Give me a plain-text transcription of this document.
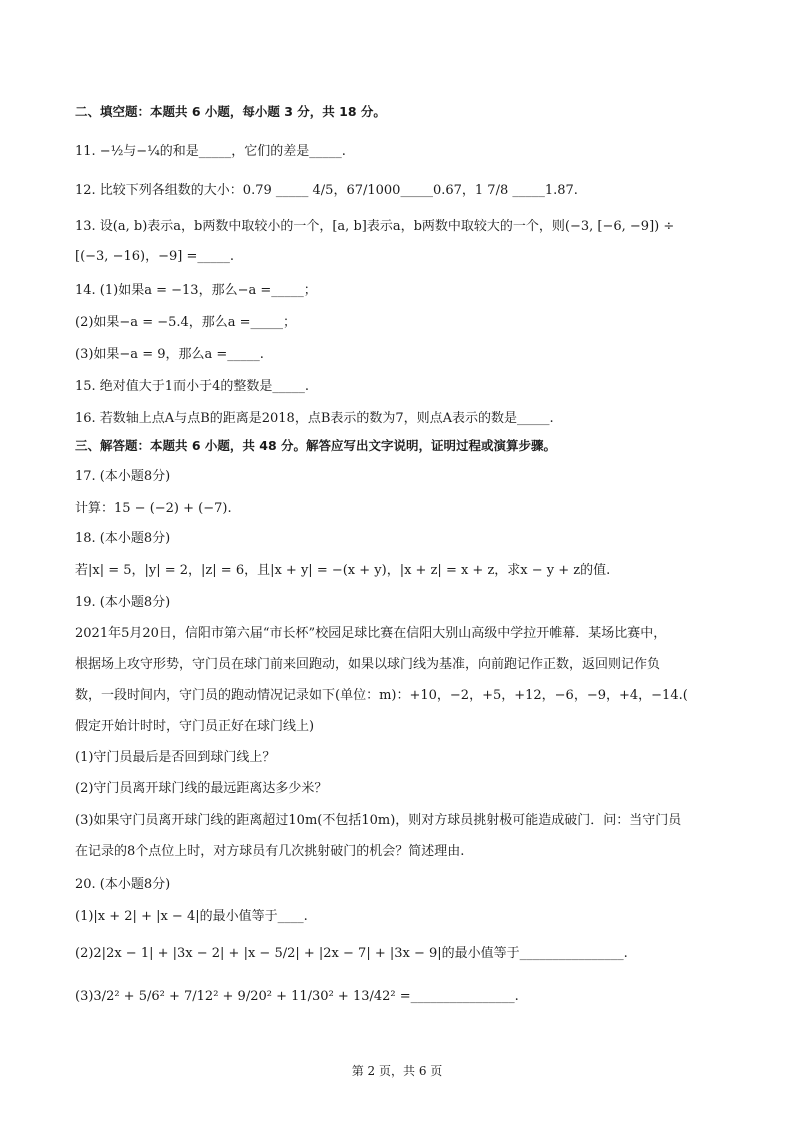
二、填空题：本题共 6 小题，每小题 3 分，共 18 分。
11. −½与−¼的和是_____，它们的差是_____.
12. 比较下列各组数的大小：0.79 _____ 4/5，67/1000_____0.67，1 7/8 _____1.87.
13. 设(a, b)表示a，b两数中取较小的一个，[a, b]表示a，b两数中取较大的一个，则(−3, [−6, −9]) ÷
[(−3, −16)，−9] =_____.
14. (1)如果a = −13，那么−a =_____；
(2)如果−a = −5.4，那么a =_____；
(3)如果−a = 9，那么a =_____.
15. 绝对值大于1而小于4的整数是_____.
16. 若数轴上点A与点B的距离是2018，点B表示的数为7，则点A表示的数是_____.
三、解答题：本题共 6 小题，共 48 分。解答应写出文字说明，证明过程或演算步骤。
17. (本小题8分)
计算：15 − (−2) + (−7).
18. (本小题8分)
若|x| = 5，|y| = 2，|z| = 6，且|x + y| = −(x + y)，|x + z| = x + z，求x − y + z的值.
19. (本小题8分)
2021年5月20日，信阳市第六届“市长杯”校园足球比赛在信阳大别山高级中学拉开帷幕．某场比赛中，
根据场上攻守形势，守门员在球门前来回跑动，如果以球门线为基准，向前跑记作正数，返回则记作负
数，一段时间内，守门员的跑动情况记录如下(单位：m)：+10，−2，+5，+12，−6，−9，+4，−14.(
假定开始计时时，守门员正好在球门线上)
(1)守门员最后是否回到球门线上？
(2)守门员离开球门线的最远距离达多少米？
(3)如果守门员离开球门线的距离超过10m(不包括10m)，则对方球员挑射极可能造成破门．问：当守门员
在记录的8个点位上时，对方球员有几次挑射破门的机会？简述理由.
20. (本小题8分)
(1)|x + 2| + |x − 4|的最小值等于____.
(2)2|2x − 1| + |3x − 2| + |x − 5/2| + |2x − 7| + |3x − 9|的最小值等于________________.
(3)3/2² + 5/6² + 7/12² + 9/20² + 11/30² + 13/42² =________________.
第 2 页，共 6 页
